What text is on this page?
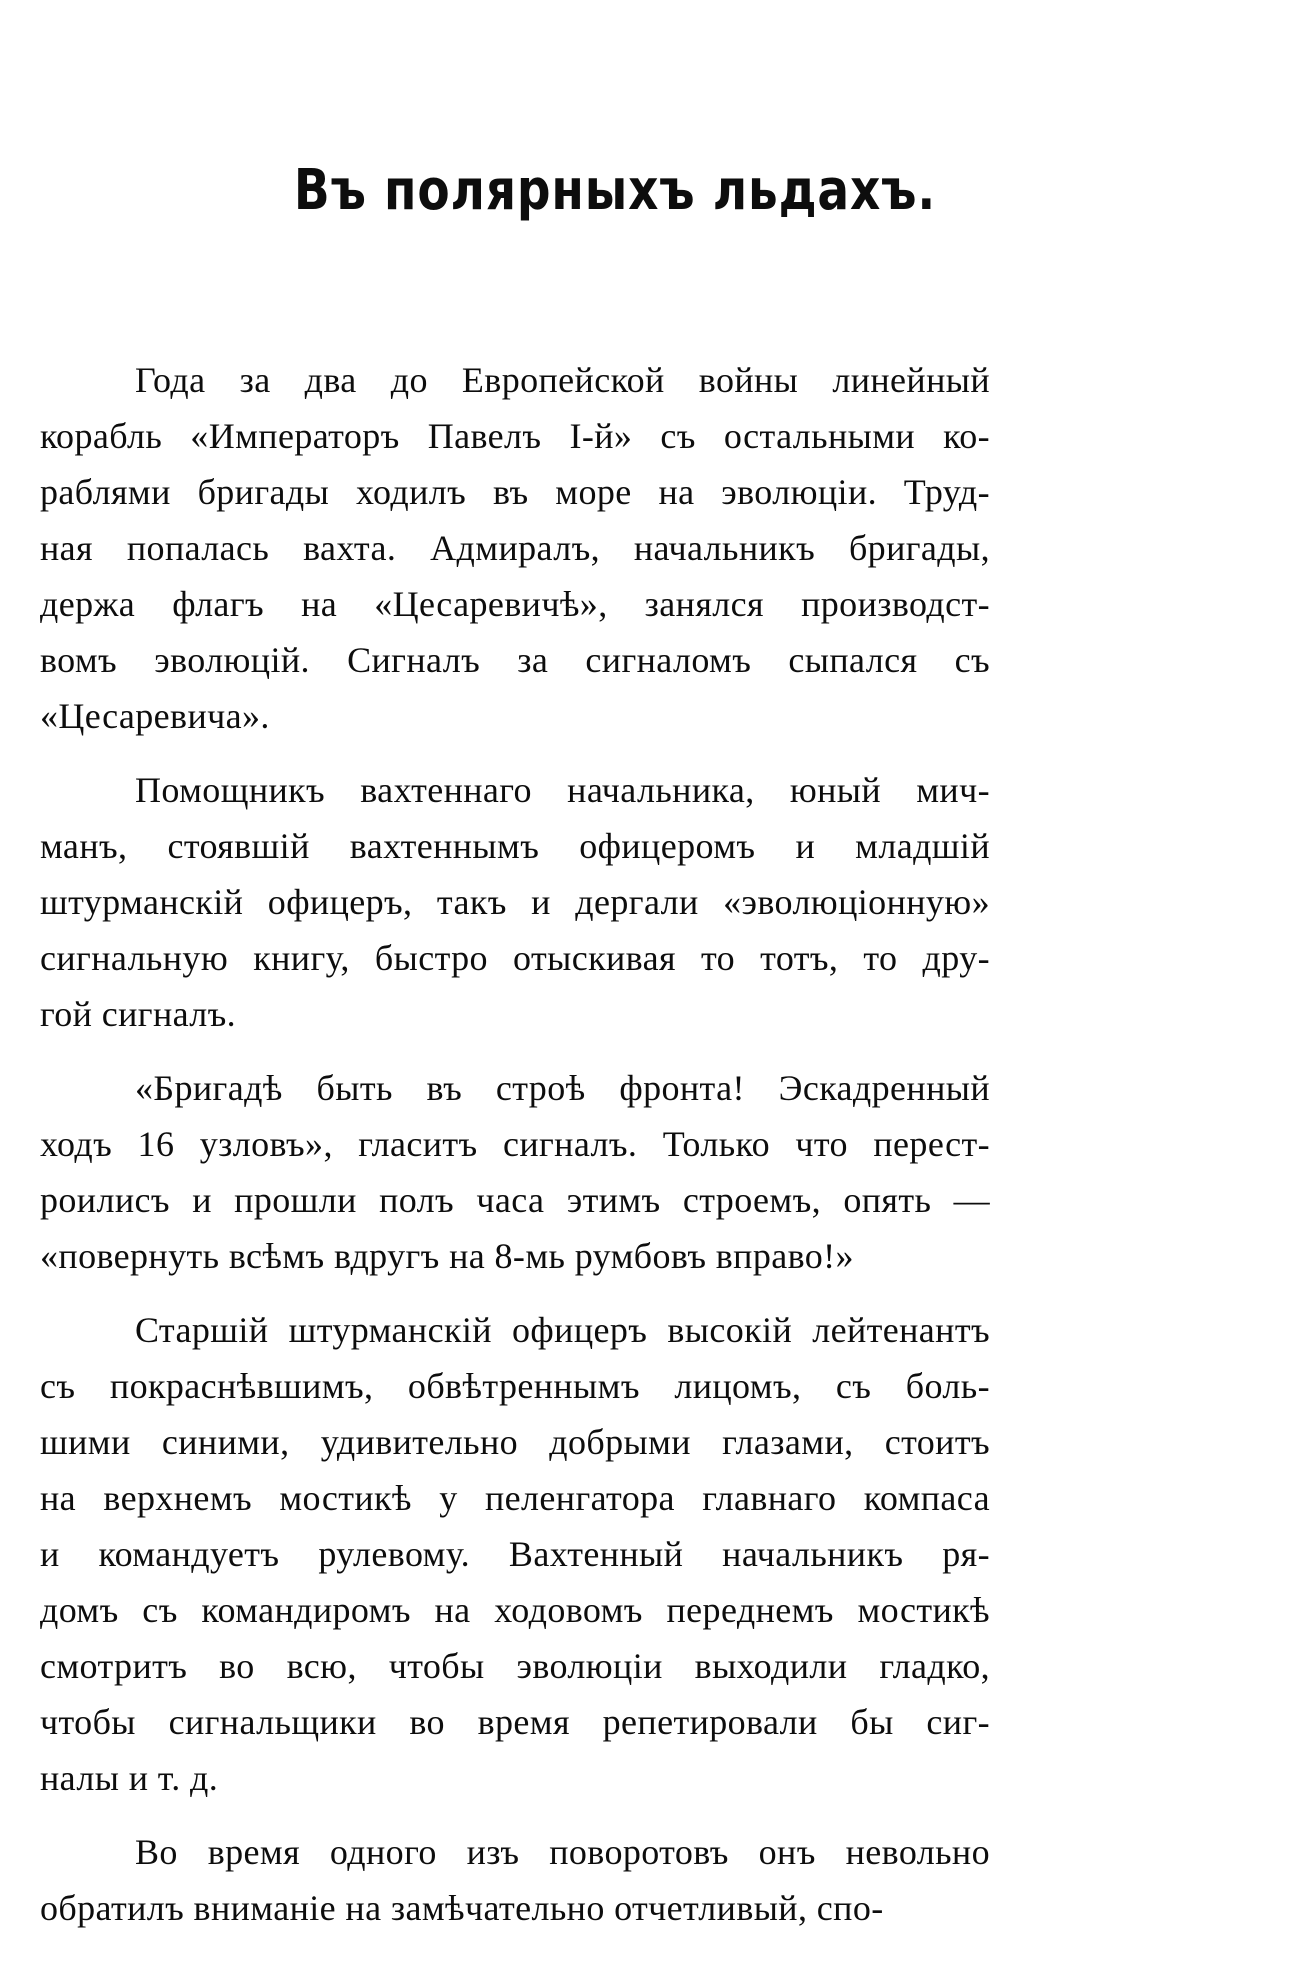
Въ полярныхъ льдахъ.
Года за два до Европейской войны линейный
корабль «Императоръ Павелъ I-й» съ остальными ко-
раблями бригады ходилъ въ море на эволюціи. Труд-
ная попалась вахта. Адмиралъ, начальникъ бригады,
держа флагъ на «Цесаревичѣ», занялся производст-
вомъ эволюцій. Сигналъ за сигналомъ сыпался съ
«Цесаревича».
Помощникъ вахтеннаго начальника, юный мич-
манъ, стоявшій вахтеннымъ офицеромъ и младшій
штурманскій офицеръ, такъ и дергали «эволюціонную»
сигнальную книгу, быстро отыскивая то тотъ, то дру-
гой сигналъ.
«Бригадѣ быть въ строѣ фронта! Эскадренный
ходъ 16 узловъ», гласитъ сигналъ. Только что перест-
роилисъ и прошли полъ часа этимъ строемъ, опять —
«повернуть всѣмъ вдругъ на 8-мь румбовъ вправо!»
Старшій штурманскій офицеръ высокій лейтенантъ
съ покраснѣвшимъ, обвѣтреннымъ лицомъ, съ боль-
шими синими, удивительно добрыми глазами, стоитъ
на верхнемъ мостикѣ у пеленгатора главнаго компаса
и командуетъ рулевому. Вахтенный начальникъ ря-
домъ съ командиромъ на ходовомъ переднемъ мостикѣ
смотритъ во всю, чтобы эволюціи выходили гладко,
чтобы сигнальщики во время репетировали бы сиг-
налы и т. д.
Во время одного изъ поворотовъ онъ невольно
обратилъ вниманіе на замѣчательно отчетливый, спо-
